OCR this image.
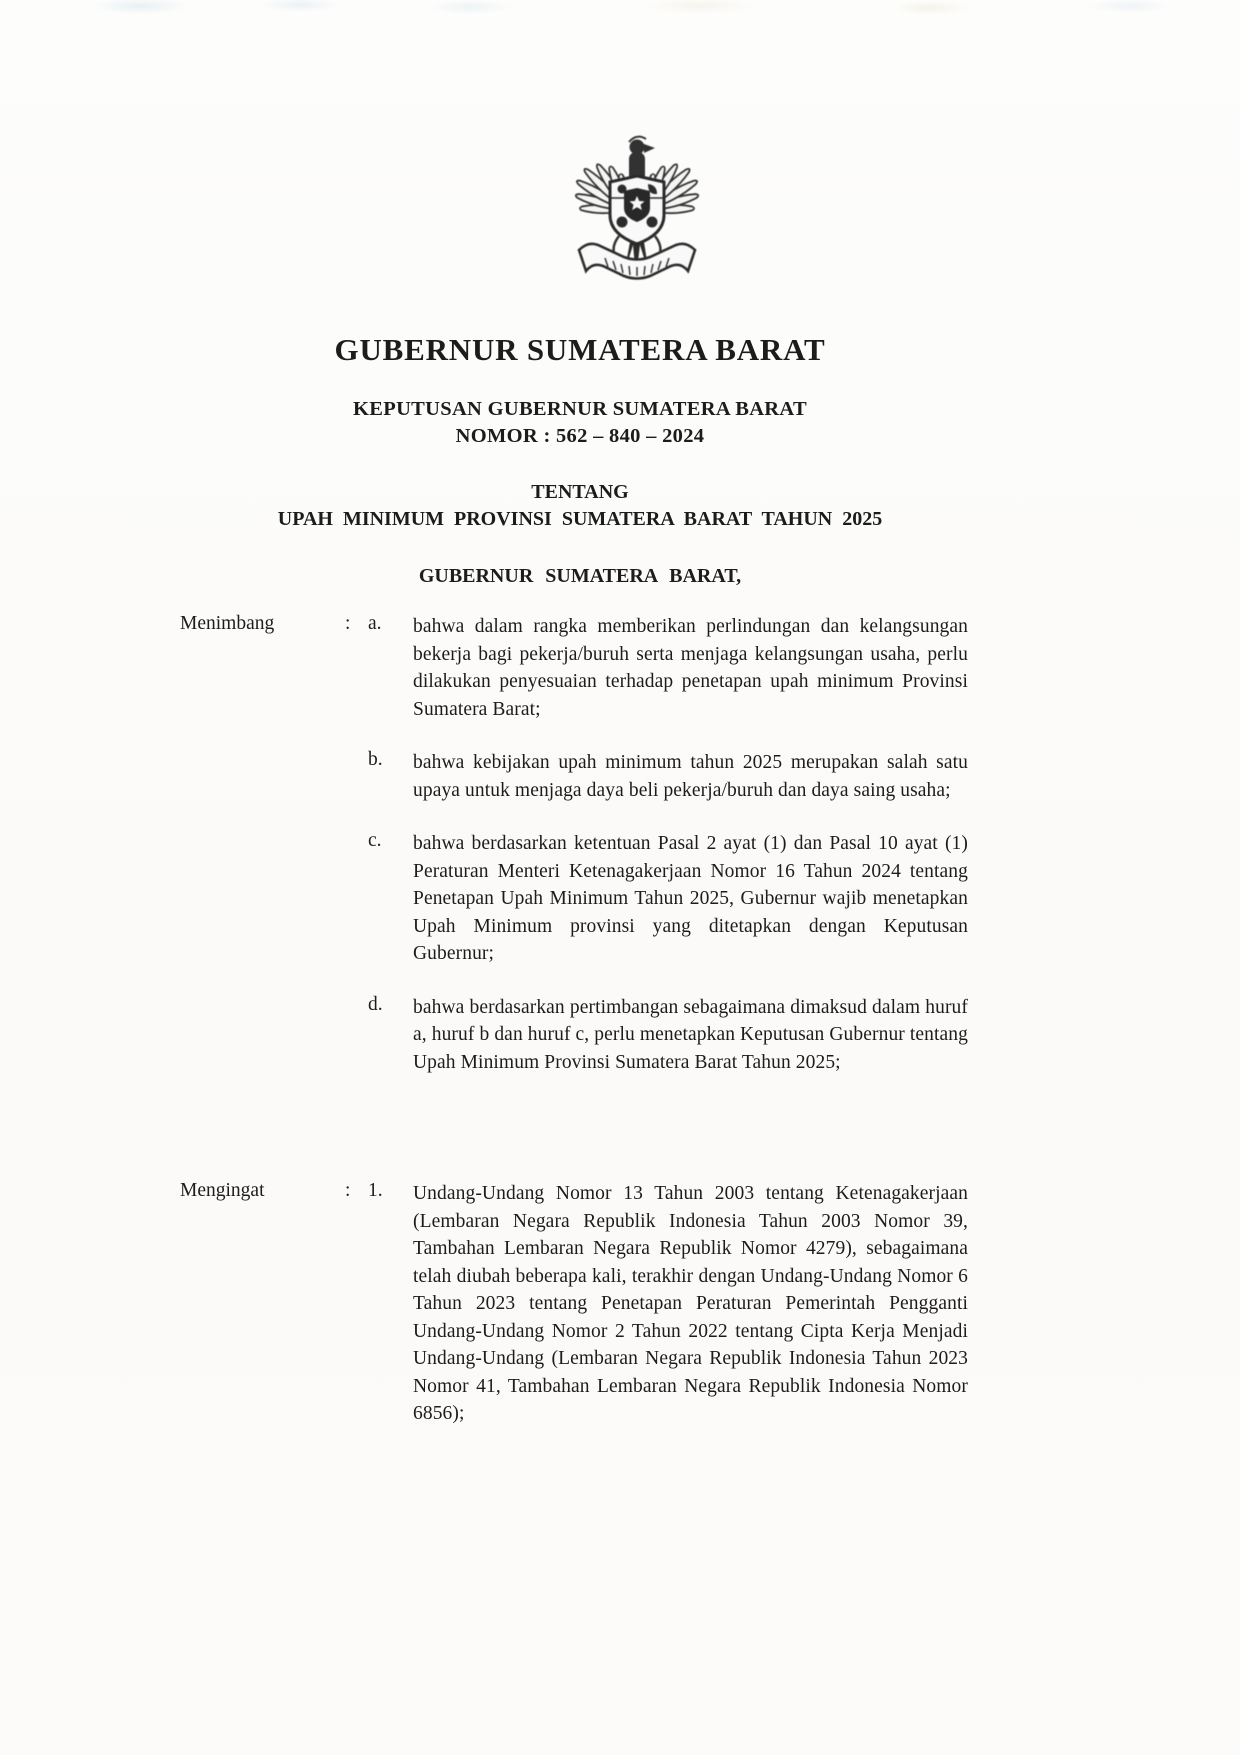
GUBERNUR SUMATERA BARAT
KEPUTUSAN GUBERNUR SUMATERA BARAT
NOMOR : 562 – 840 – 2024
TENTANG
UPAH MINIMUM PROVINSI SUMATERA BARAT TAHUN 2025
GUBERNUR SUMATERA BARAT,
Menimbang	: a.	bahwa dalam rangka memberikan perlindungan dan kelangsungan bekerja bagi pekerja/buruh serta menjaga kelangsungan usaha, perlu dilakukan penyesuaian terhadap penetapan upah minimum Provinsi Sumatera Barat;

b.	bahwa kebijakan upah minimum tahun 2025 merupakan salah satu upaya untuk menjaga daya beli pekerja/buruh dan daya saing usaha;

c.	bahwa berdasarkan ketentuan Pasal 2 ayat (1) dan Pasal 10 ayat (1) Peraturan Menteri Ketenagakerjaan Nomor 16 Tahun 2024 tentang Penetapan Upah Minimum Tahun 2025, Gubernur wajib menetapkan Upah Minimum provinsi yang ditetapkan dengan Keputusan Gubernur;

d.	bahwa berdasarkan pertimbangan sebagaimana dimaksud dalam huruf a, huruf b dan huruf c, perlu menetapkan Keputusan Gubernur tentang Upah Minimum Provinsi Sumatera Barat Tahun 2025;

Mengingat	: 1.	Undang-Undang Nomor 13 Tahun 2003 tentang Ketenagakerjaan (Lembaran Negara Republik Indonesia Tahun 2003 Nomor 39, Tambahan Lembaran Negara Republik Nomor 4279), sebagaimana telah diubah beberapa kali, terakhir dengan Undang-Undang Nomor 6 Tahun 2023 tentang Penetapan Peraturan Pemerintah Pengganti Undang-Undang Nomor 2 Tahun 2022 tentang Cipta Kerja Menjadi Undang-Undang (Lembaran Negara Republik Indonesia Tahun 2023 Nomor 41, Tambahan Lembaran Negara Republik Indonesia Nomor 6856);
